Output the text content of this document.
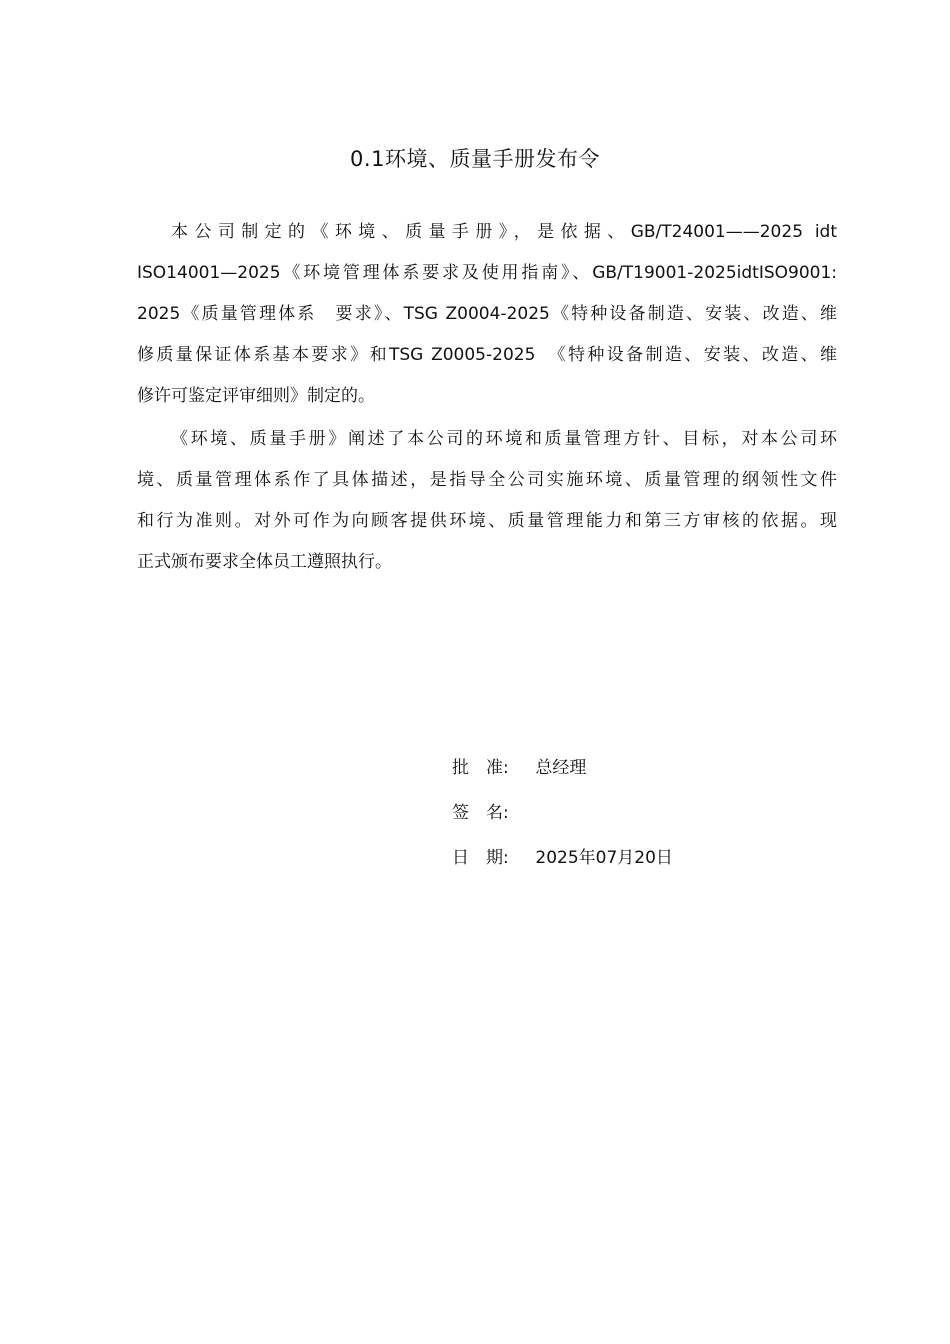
0.1环境、质量手册发布令
本公司制定的《环境、质量手册》，是依据、GB/T24001——2025 idt
ISO14001—2025《环境管理体系要求及使用指南》、GB/T19001-2025idtISO9001:
2025《质量管理体系　要求》、TSG Z0004-2025《特种设备制造、安装、改造、维
修质量保证体系基本要求》和TSG Z0005-2025　《特种设备制造、安装、改造、维
修许可鉴定评审细则》制定的。
《环境、质量手册》阐述了本公司的环境和质量管理方针、目标，对本公司环
境、质量管理体系作了具体描述，是指导全公司实施环境、质量管理的纲领性文件
和行为准则。对外可作为向顾客提供环境、质量管理能力和第三方审核的依据。现
正式颁布要求全体员工遵照执行。
批　准: 总经理
签　名:
日　期: 2025年07月20日
